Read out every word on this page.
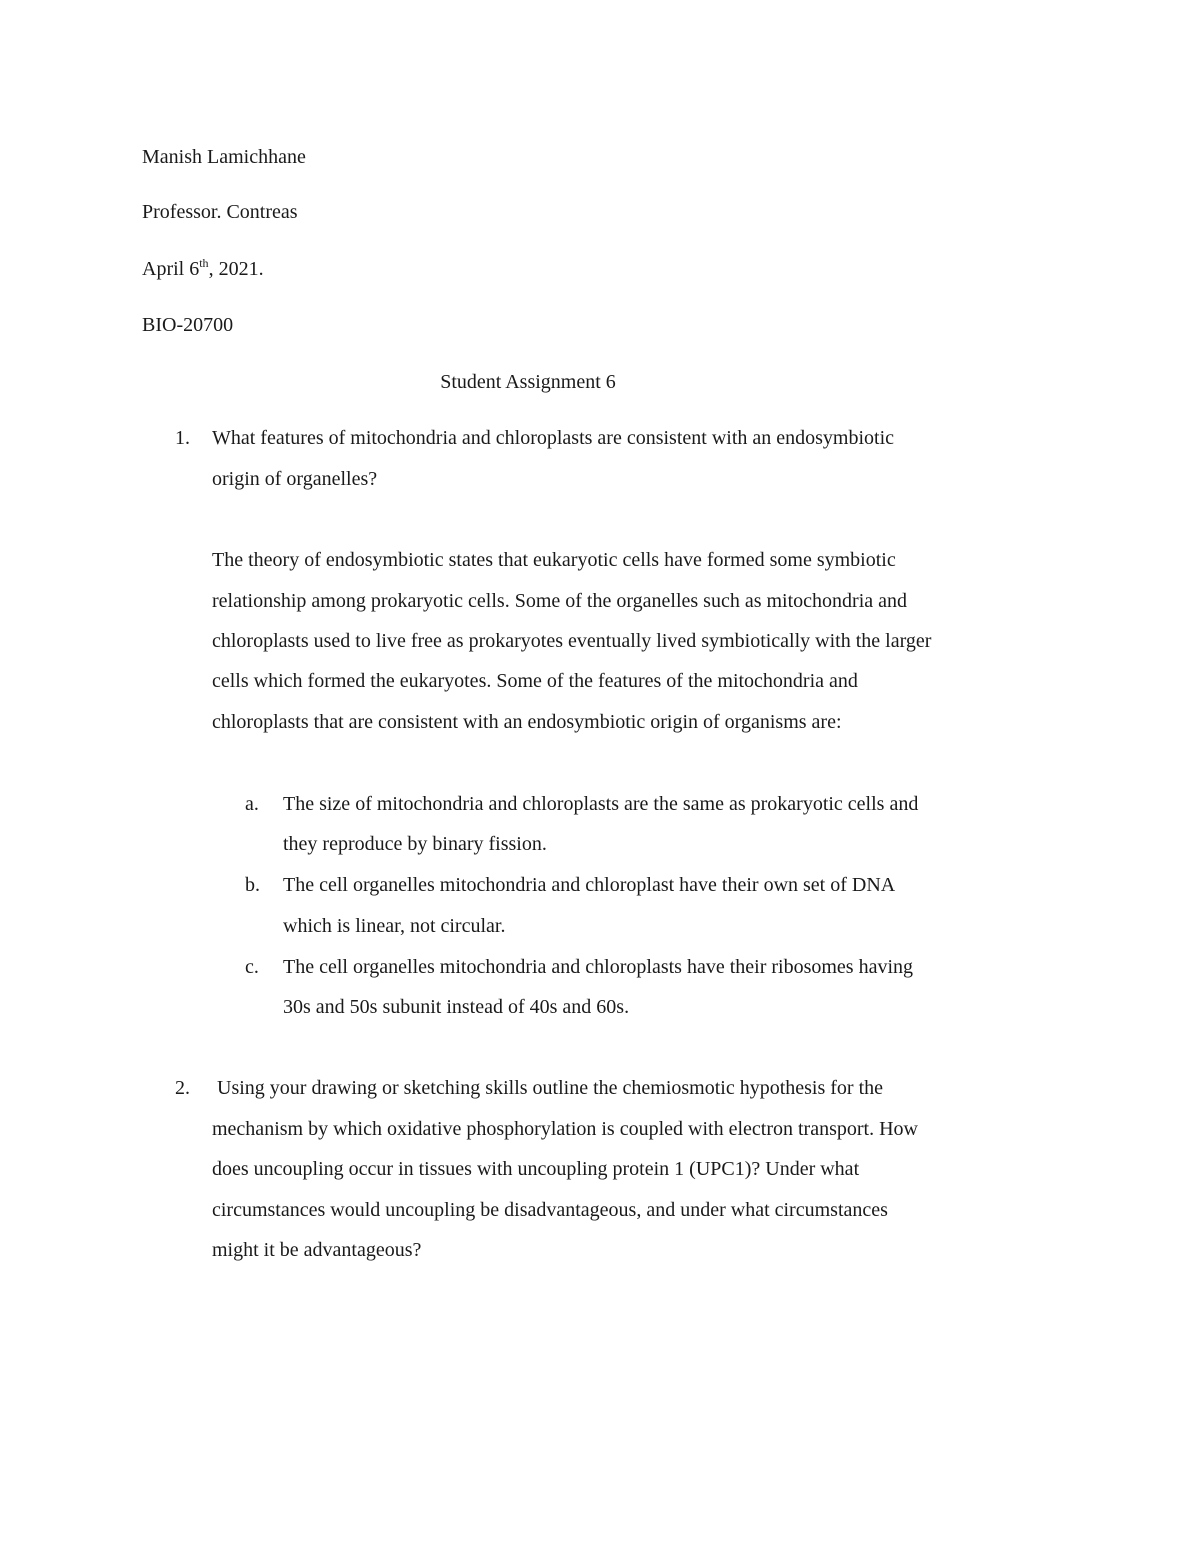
Manish Lamichhane
Professor. Contreas
April 6th, 2021.
BIO-20700
Student Assignment 6
1. What features of mitochondria and chloroplasts are consistent with an endosymbiotic
origin of organelles?
The theory of endosymbiotic states that eukaryotic cells have formed some symbiotic
relationship among prokaryotic cells. Some of the organelles such as mitochondria and
chloroplasts used to live free as prokaryotes eventually lived symbiotically with the larger
cells which formed the eukaryotes. Some of the features of the mitochondria and
chloroplasts that are consistent with an endosymbiotic origin of organisms are:
a. The size of mitochondria and chloroplasts are the same as prokaryotic cells and
they reproduce by binary fission.
b. The cell organelles mitochondria and chloroplast have their own set of DNA
which is linear, not circular.
c. The cell organelles mitochondria and chloroplasts have their ribosomes having
30s and 50s subunit instead of 40s and 60s.
2. Using your drawing or sketching skills outline the chemiosmotic hypothesis for the
mechanism by which oxidative phosphorylation is coupled with electron transport. How
does uncoupling occur in tissues with uncoupling protein 1 (UPC1)? Under what
circumstances would uncoupling be disadvantageous, and under what circumstances
might it be advantageous?
